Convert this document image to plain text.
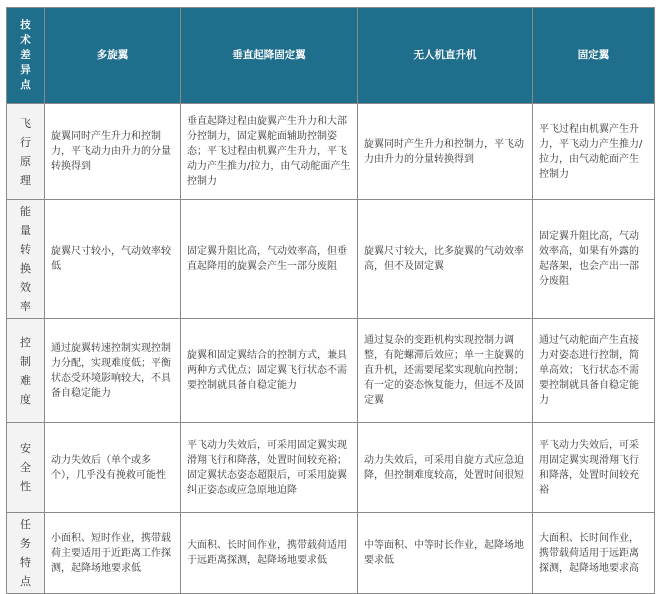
技术差异点	多旋翼	垂直起降固定翼	无人机直升机	固定翼
飞行原理	旋翼同时产生升力和控制力，平飞动力由升力的分量转换得到	垂直起降过程由旋翼产生升力和大部分控制力，固定翼舵面辅助控制姿态；平飞过程由机翼产生升力，平飞动力产生推力/拉力，由气动舵面产生控制力	旋翼同时产生升力和控制力，平飞动力由升力的分量转换得到	平飞过程由机翼产生升力，平飞动力产生推力/拉力，由气动舵面产生控制力
能量转换效率	旋翼尺寸较小，气动效率较低	固定翼升阻比高，气动效率高，但垂直起降用的旋翼会产生一部分废阻	旋翼尺寸较大，比多旋翼的气动效率高，但不及固定翼	固定翼升阻比高，气动效率高，如果有外露的起落架，也会产出一部分废阻
控制难度	通过旋翼转速控制实现控制力分配，实现难度低；平衡状态受环境影响较大，不具备自稳定能力	旋翼和固定翼结合的控制方式，兼具两种方式优点；固定翼飞行状态不需要控制就具备自稳定能力	通过复杂的变距机构实现控制力调整，有陀螺滞后效应；单一主旋翼的直升机，还需要尾桨实现航向控制；有一定的姿态恢复能力，但远不及固定翼	通过气动舵面产生直接力对姿态进行控制，简单高效；飞行状态不需要控制就具备自稳定能力
安全性	动力失效后（单个或多个），几乎没有挽救可能性	平飞动力失效后，可采用固定翼实现滑翔飞行和降落，处置时间较充裕；固定翼状态姿态超限后，可采用旋翼纠正姿态或应急原地迫降	动力失效后，可采用自旋方式应急迫降，但控制难度较高，处置时间很短	平飞动力失效后，可采用固定翼实现滑翔飞行和降落，处置时间较充裕
任务特点	小面积、短时作业，携带载荷主要适用于近距离工作探测，起降场地要求低	大面积、长时间作业，携带载荷适用于远距离探测，起降场地要求低	中等面积、中等时长作业，起降场地要求低	大面积、长时间作业，携带载荷适用于远距离探测，起降场地要求高
